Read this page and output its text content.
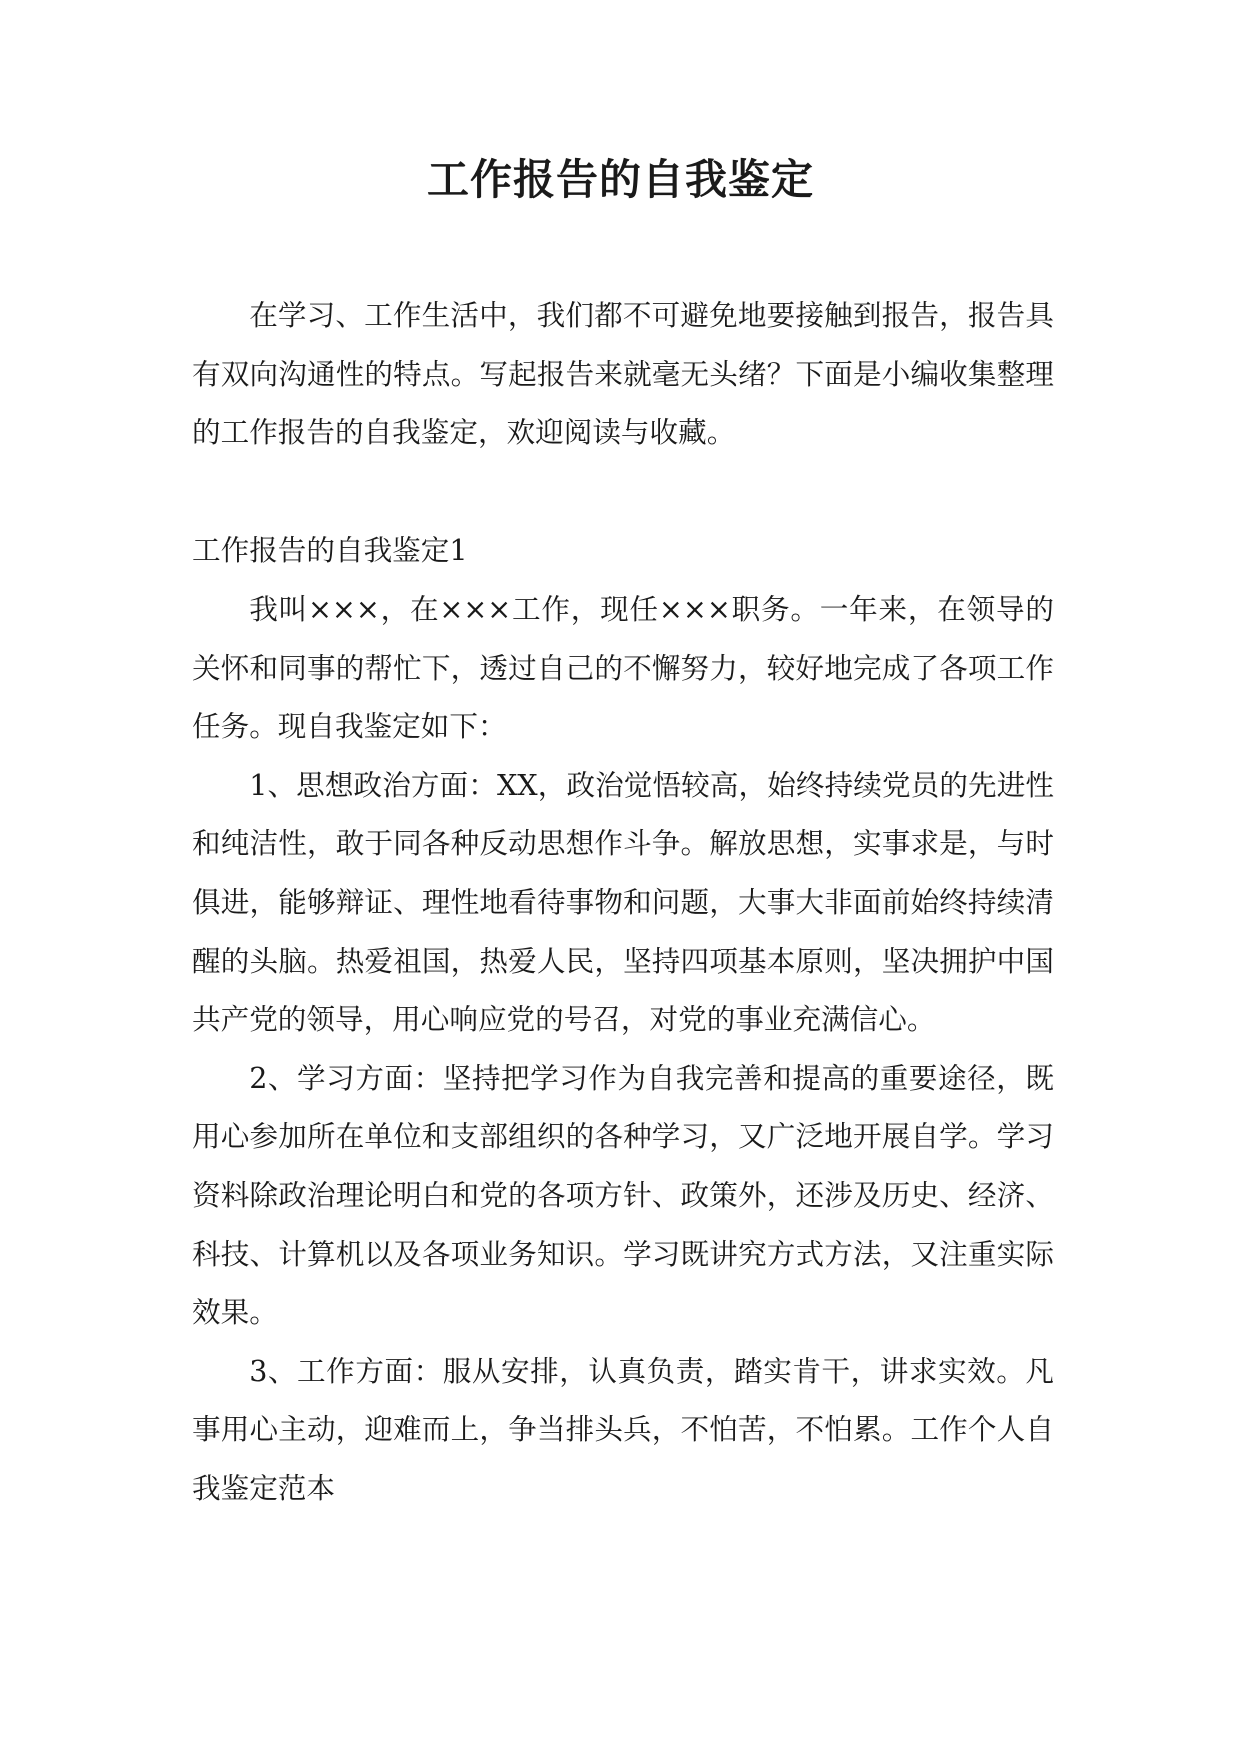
工作报告的自我鉴定

在学习、工作生活中，我们都不可避免地要接触到报告，报告具有双向沟通性的特点。写起报告来就毫无头绪？下面是小编收集整理的工作报告的自我鉴定，欢迎阅读与收藏。

工作报告的自我鉴定1

我叫×××，在×××工作，现任×××职务。一年来，在领导的关怀和同事的帮忙下，透过自己的不懈努力，较好地完成了各项工作任务。现自我鉴定如下：

1、思想政治方面：XX，政治觉悟较高，始终持续党员的先进性和纯洁性，敢于同各种反动思想作斗争。解放思想，实事求是，与时俱进，能够辩证、理性地看待事物和问题，大事大非面前始终持续清醒的头脑。热爱祖国，热爱人民，坚持四项基本原则，坚决拥护中国共产党的领导，用心响应党的号召，对党的事业充满信心。

2、学习方面：坚持把学习作为自我完善和提高的重要途径，既用心参加所在单位和支部组织的各种学习，又广泛地开展自学。学习资料除政治理论明白和党的各项方针、政策外，还涉及历史、经济、科技、计算机以及各项业务知识。学习既讲究方式方法，又注重实际效果。

3、工作方面：服从安排，认真负责，踏实肯干，讲求实效。凡事用心主动，迎难而上，争当排头兵，不怕苦，不怕累。工作个人自我鉴定范本
